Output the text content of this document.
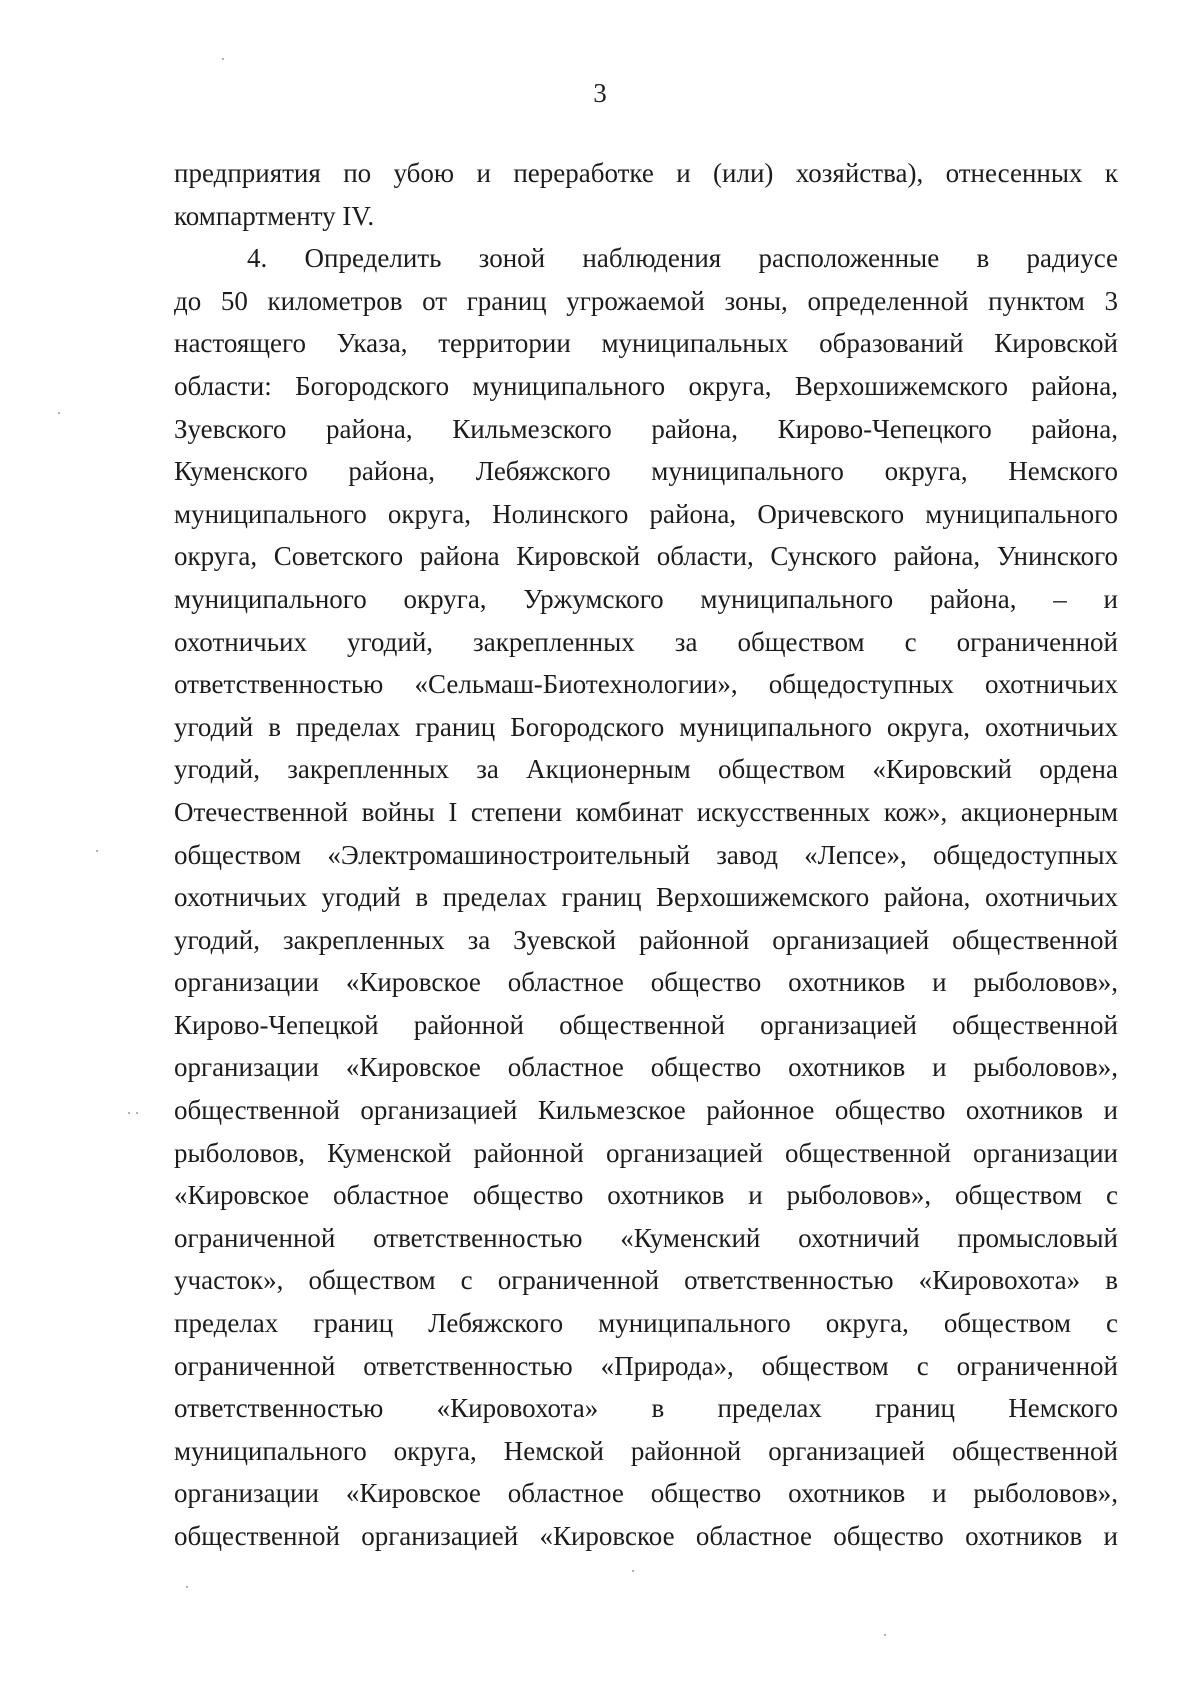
3
предприятия по убою и переработке и (или) хозяйства), отнесенных к
компартменту IV.
4. Определить зоной наблюдения расположенные в радиусе
до 50 километров от границ угрожаемой зоны, определенной пунктом 3
настоящего Указа, территории муниципальных образований Кировской
области: Богородского муниципального округа, Верхошижемского района,
Зуевского района, Кильмезского района, Кирово-Чепецкого района,
Куменского района, Лебяжского муниципального округа, Немского
муниципального округа, Нолинского района, Оричевского муниципального
округа, Советского района Кировской области, Сунского района, Унинского
муниципального округа, Уржумского муниципального района, – и
охотничьих угодий, закрепленных за обществом с ограниченной
ответственностью «Сельмаш-Биотехнологии», общедоступных охотничьих
угодий в пределах границ Богородского муниципального округа, охотничьих
угодий, закрепленных за Акционерным обществом «Кировский ордена
Отечественной войны I степени комбинат искусственных кож», акционерным
обществом «Электромашиностроительный завод «Лепсе», общедоступных
охотничьих угодий в пределах границ Верхошижемского района, охотничьих
угодий, закрепленных за Зуевской районной организацией общественной
организации «Кировское областное общество охотников и рыболовов»,
Кирово-Чепецкой районной общественной организацией общественной
организации «Кировское областное общество охотников и рыболовов»,
общественной организацией Кильмезское районное общество охотников и
рыболовов, Куменской районной организацией общественной организации
«Кировское областное общество охотников и рыболовов», обществом с
ограниченной ответственностью «Куменский охотничий промысловый
участок», обществом с ограниченной ответственностью «Кировохота» в
пределах границ Лебяжского муниципального округа, обществом с
ограниченной ответственностью «Природа», обществом с ограниченной
ответственностью «Кировохота» в пределах границ Немского
муниципального округа, Немской районной организацией общественной
организации «Кировское областное общество охотников и рыболовов»,
общественной организацией «Кировское областное общество охотников и
